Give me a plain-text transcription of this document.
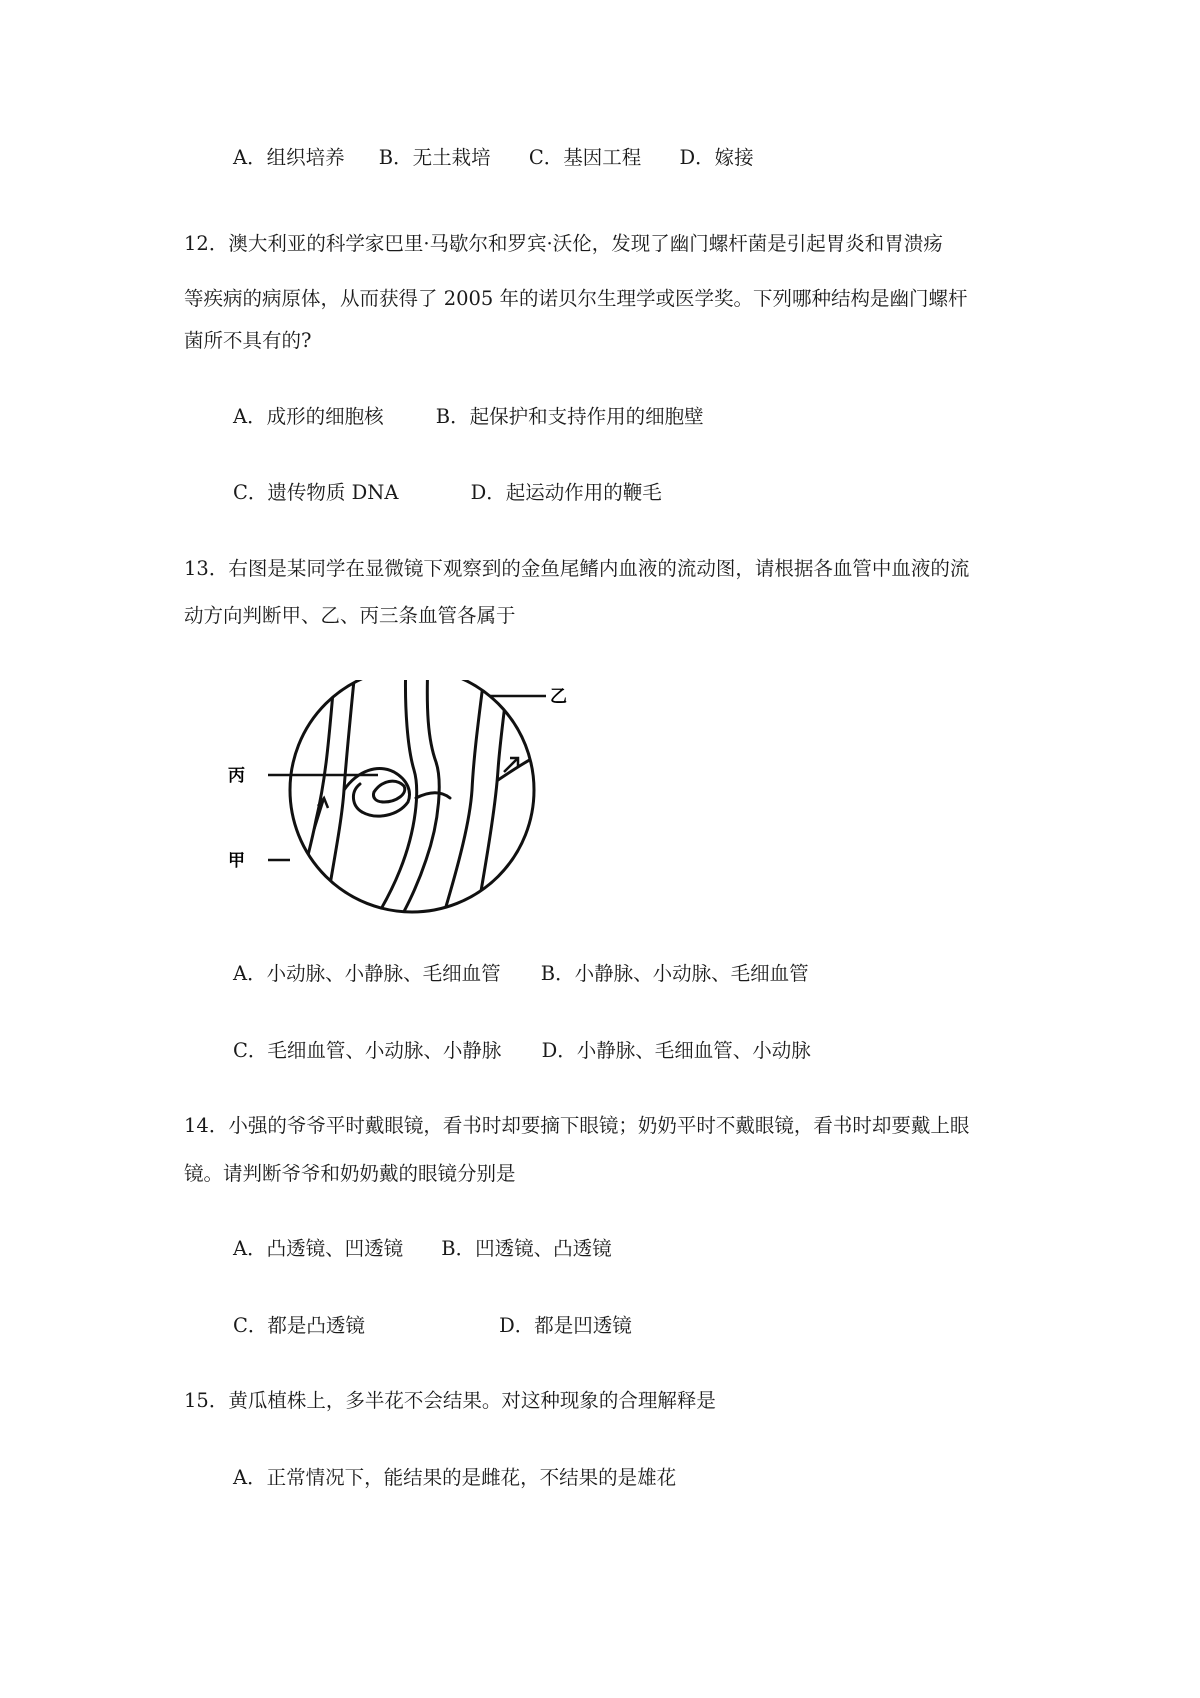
A．组织培养 B．无土栽培 C．基因工程 D．嫁接
12．澳大利亚的科学家巴里·马歇尔和罗宾·沃伦，发现了幽门螺杆菌是引起胃炎和胃溃疡
等疾病的病原体，从而获得了 2005 年的诺贝尔生理学或医学奖。下列哪种结构是幽门螺杆
菌所不具有的?
A．成形的细胞核	B．起保护和支持作用的细胞壁
C．遗传物质 DNA	D．起运动作用的鞭毛
13．右图是某同学在显微镜下观察到的金鱼尾鳍内血液的流动图，请根据各血管中血液的流
动方向判断甲、乙、丙三条血管各属于
乙
丙
甲
A．小动脉、小静脉、毛细血管 B．小静脉、小动脉、毛细血管
C．毛细血管、小动脉、小静脉 D．小静脉、毛细血管、小动脉
14．小强的爷爷平时戴眼镜，看书时却要摘下眼镜；奶奶平时不戴眼镜，看书时却要戴上眼
镜。请判断爷爷和奶奶戴的眼镜分别是
A．凸透镜、凹透镜 B．凹透镜、凸透镜
C．都是凸透镜	D．都是凹透镜
15．黄瓜植株上，多半花不会结果。对这种现象的合理解释是
A．正常情况下，能结果的是雌花，不结果的是雄花
